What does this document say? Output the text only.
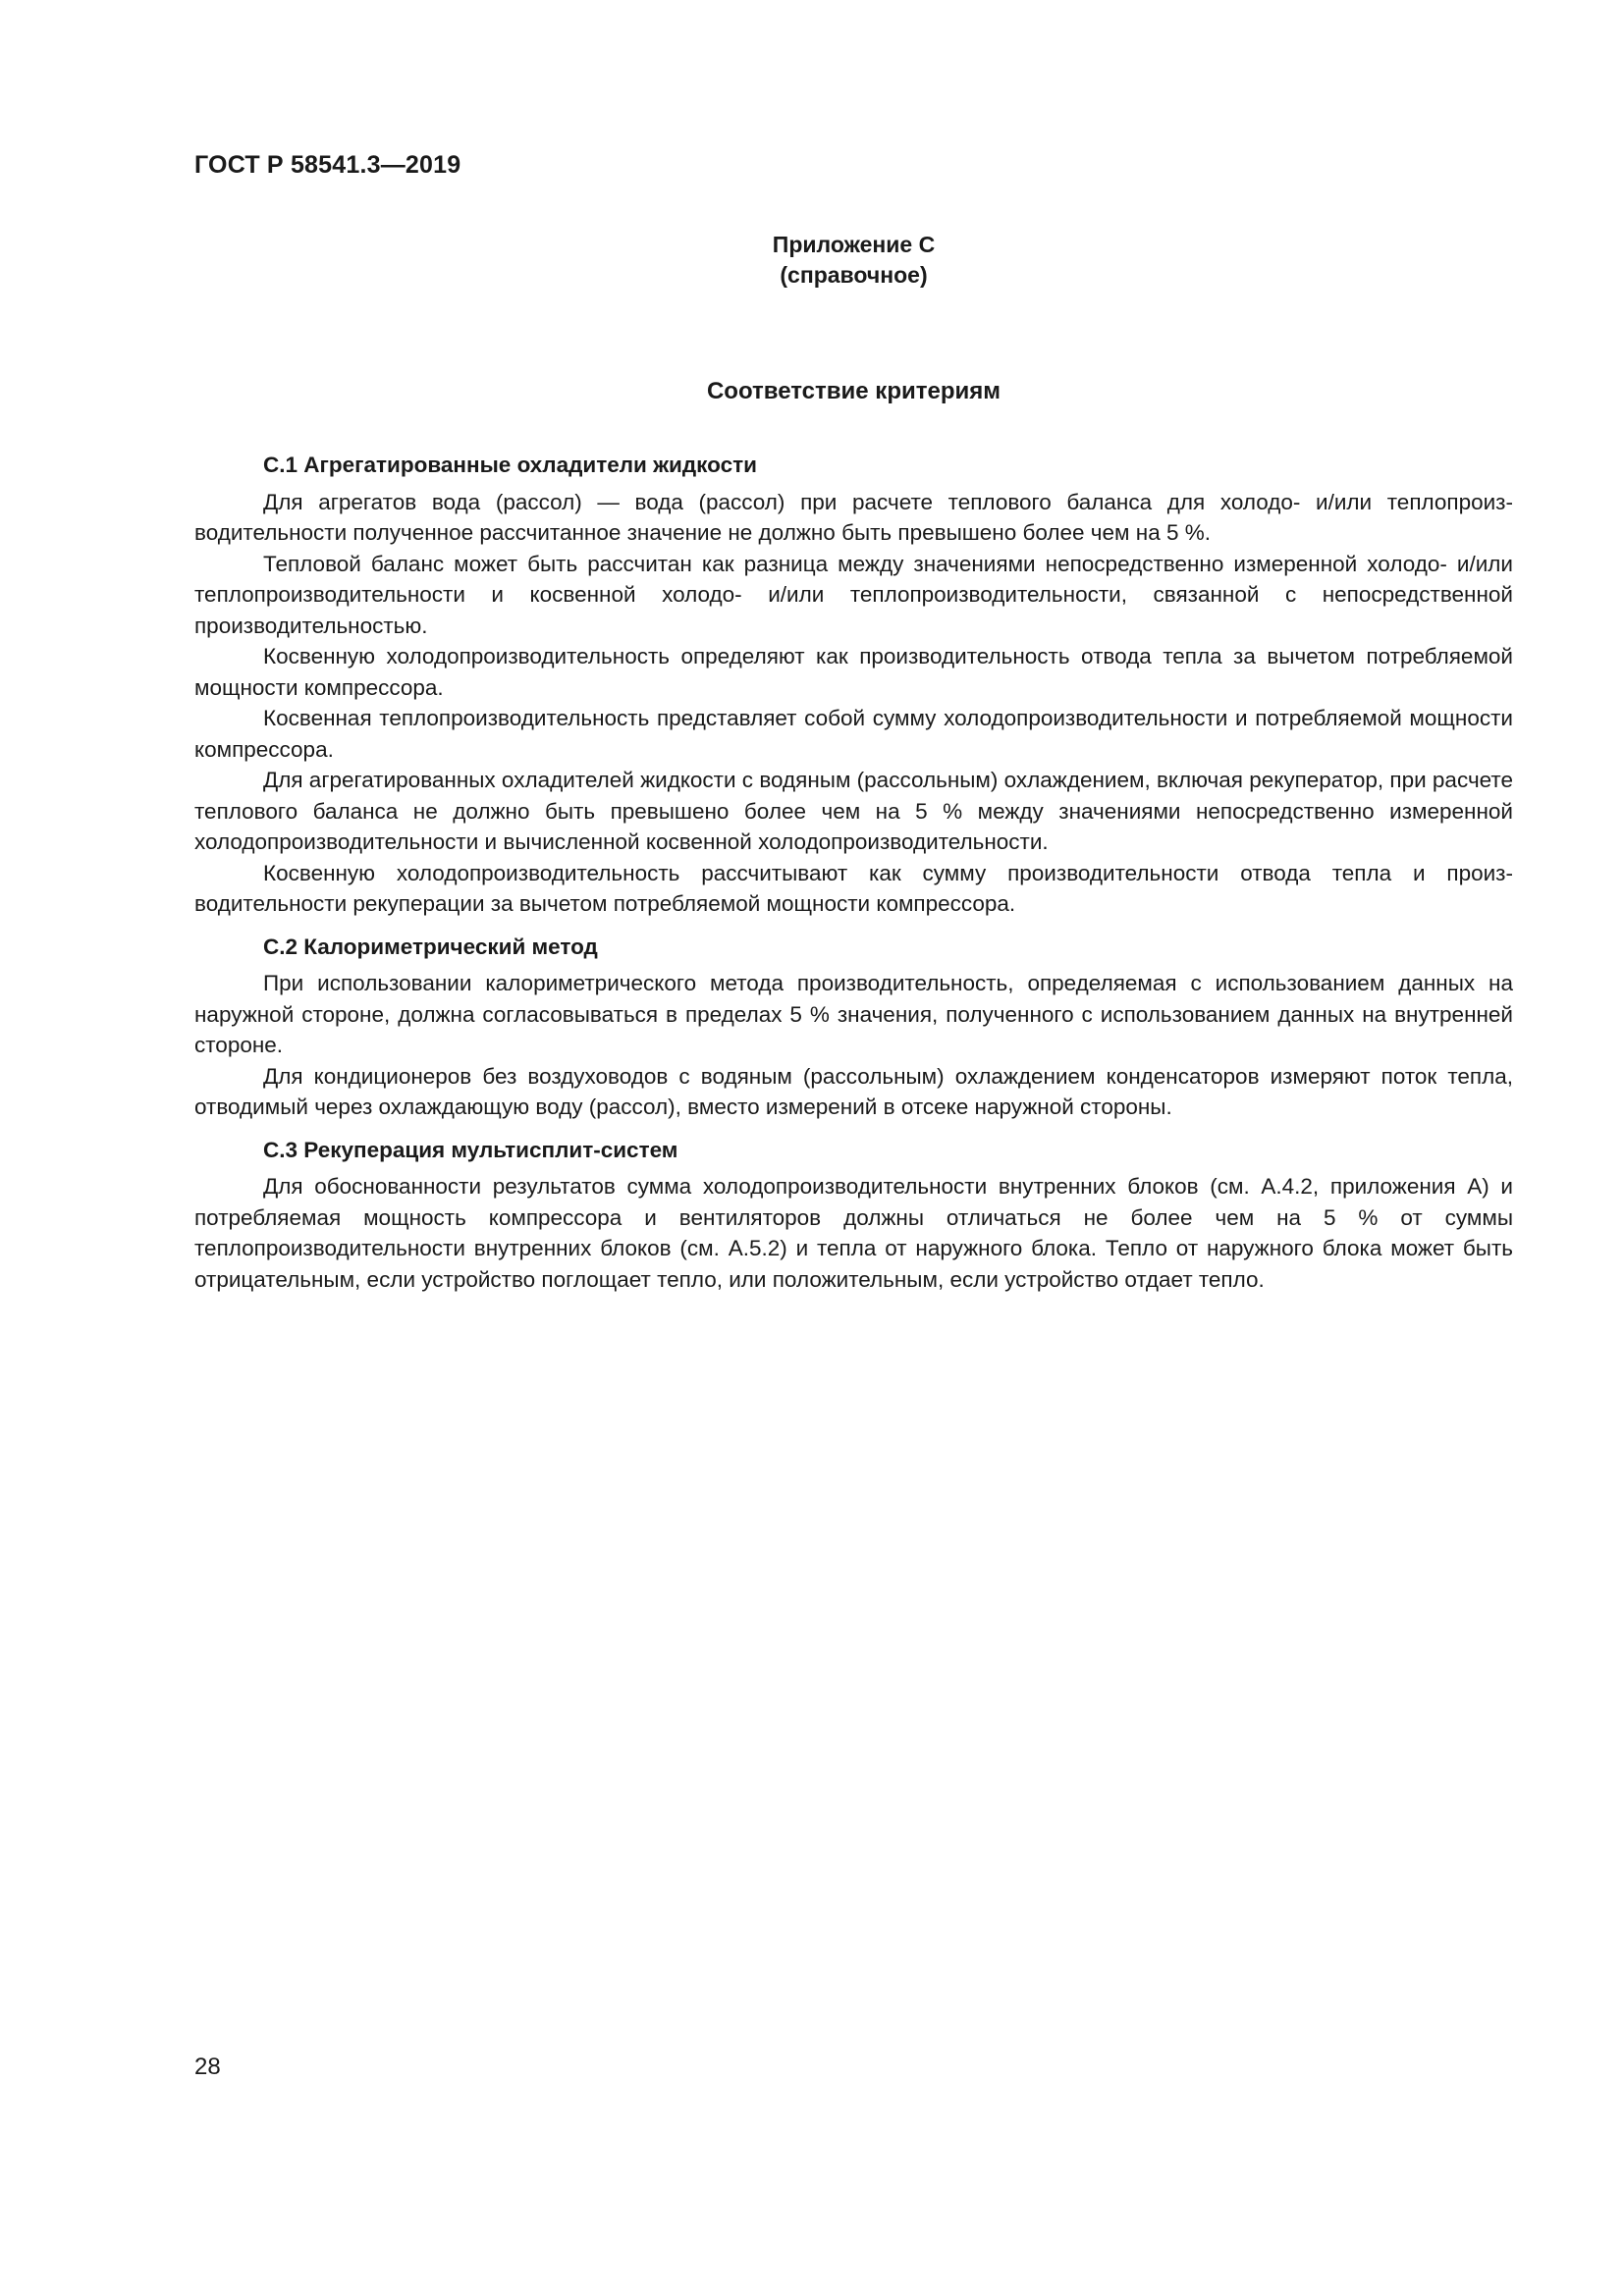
ГОСТ Р 58541.3—2019
Приложение С
(справочное)
Соответствие критериям

С.1 Агрегатированные охладители жидкости

Для агрегатов вода (рассол) — вода (рассол) при расчете теплового баланса для холодо- и/или теплопроизводительности полученное рассчитанное значение не должно быть превышено более чем на 5 %.

Тепловой баланс может быть рассчитан как разница между значениями непосредственно измеренной холодо- и/или теплопроизводительности и косвенной холодо- и/или теплопроизводительности, связанной с непосредственной производительностью.

Косвенную холодопроизводительность определяют как производительность отвода тепла за вычетом потребляемой мощности компрессора.

Косвенная теплопроизводительность представляет собой сумму холодопроизводительности и потребляемой мощности компрессора.

Для агрегатированных охладителей жидкости с водяным (рассольным) охлаждением, включая рекуператор, при расчете теплового баланса не должно быть превышено более чем на 5 % между значениями непосредственно измеренной холодопроизводительности и вычисленной косвенной холодопроизводительности.

Косвенную холодопроизводительность рассчитывают как сумму производительности отвода тепла и производительности рекуперации за вычетом потребляемой мощности компрессора.

С.2 Калориметрический метод

При использовании калориметрического метода производительность, определяемая с использованием данных на наружной стороне, должна согласовываться в пределах 5 % значения, полученного с использованием данных на внутренней стороне.

Для кондиционеров без воздуховодов с водяным (рассольным) охлаждением конденсаторов измеряют поток тепла, отводимый через охлаждающую воду (рассол), вместо измерений в отсеке наружной стороны.

С.3 Рекуперация мультисплит-систем

Для обоснованности результатов сумма холодопроизводительности внутренних блоков (см. А.4.2, приложения А) и потребляемая мощность компрессора и вентиляторов должны отличаться не более чем на 5 % от суммы теплопроизводительности внутренних блоков (см. А.5.2) и тепла от наружного блока. Тепло от наружного блока может быть отрицательным, если устройство поглощает тепло, или положительным, если устройство отдает тепло.

28
